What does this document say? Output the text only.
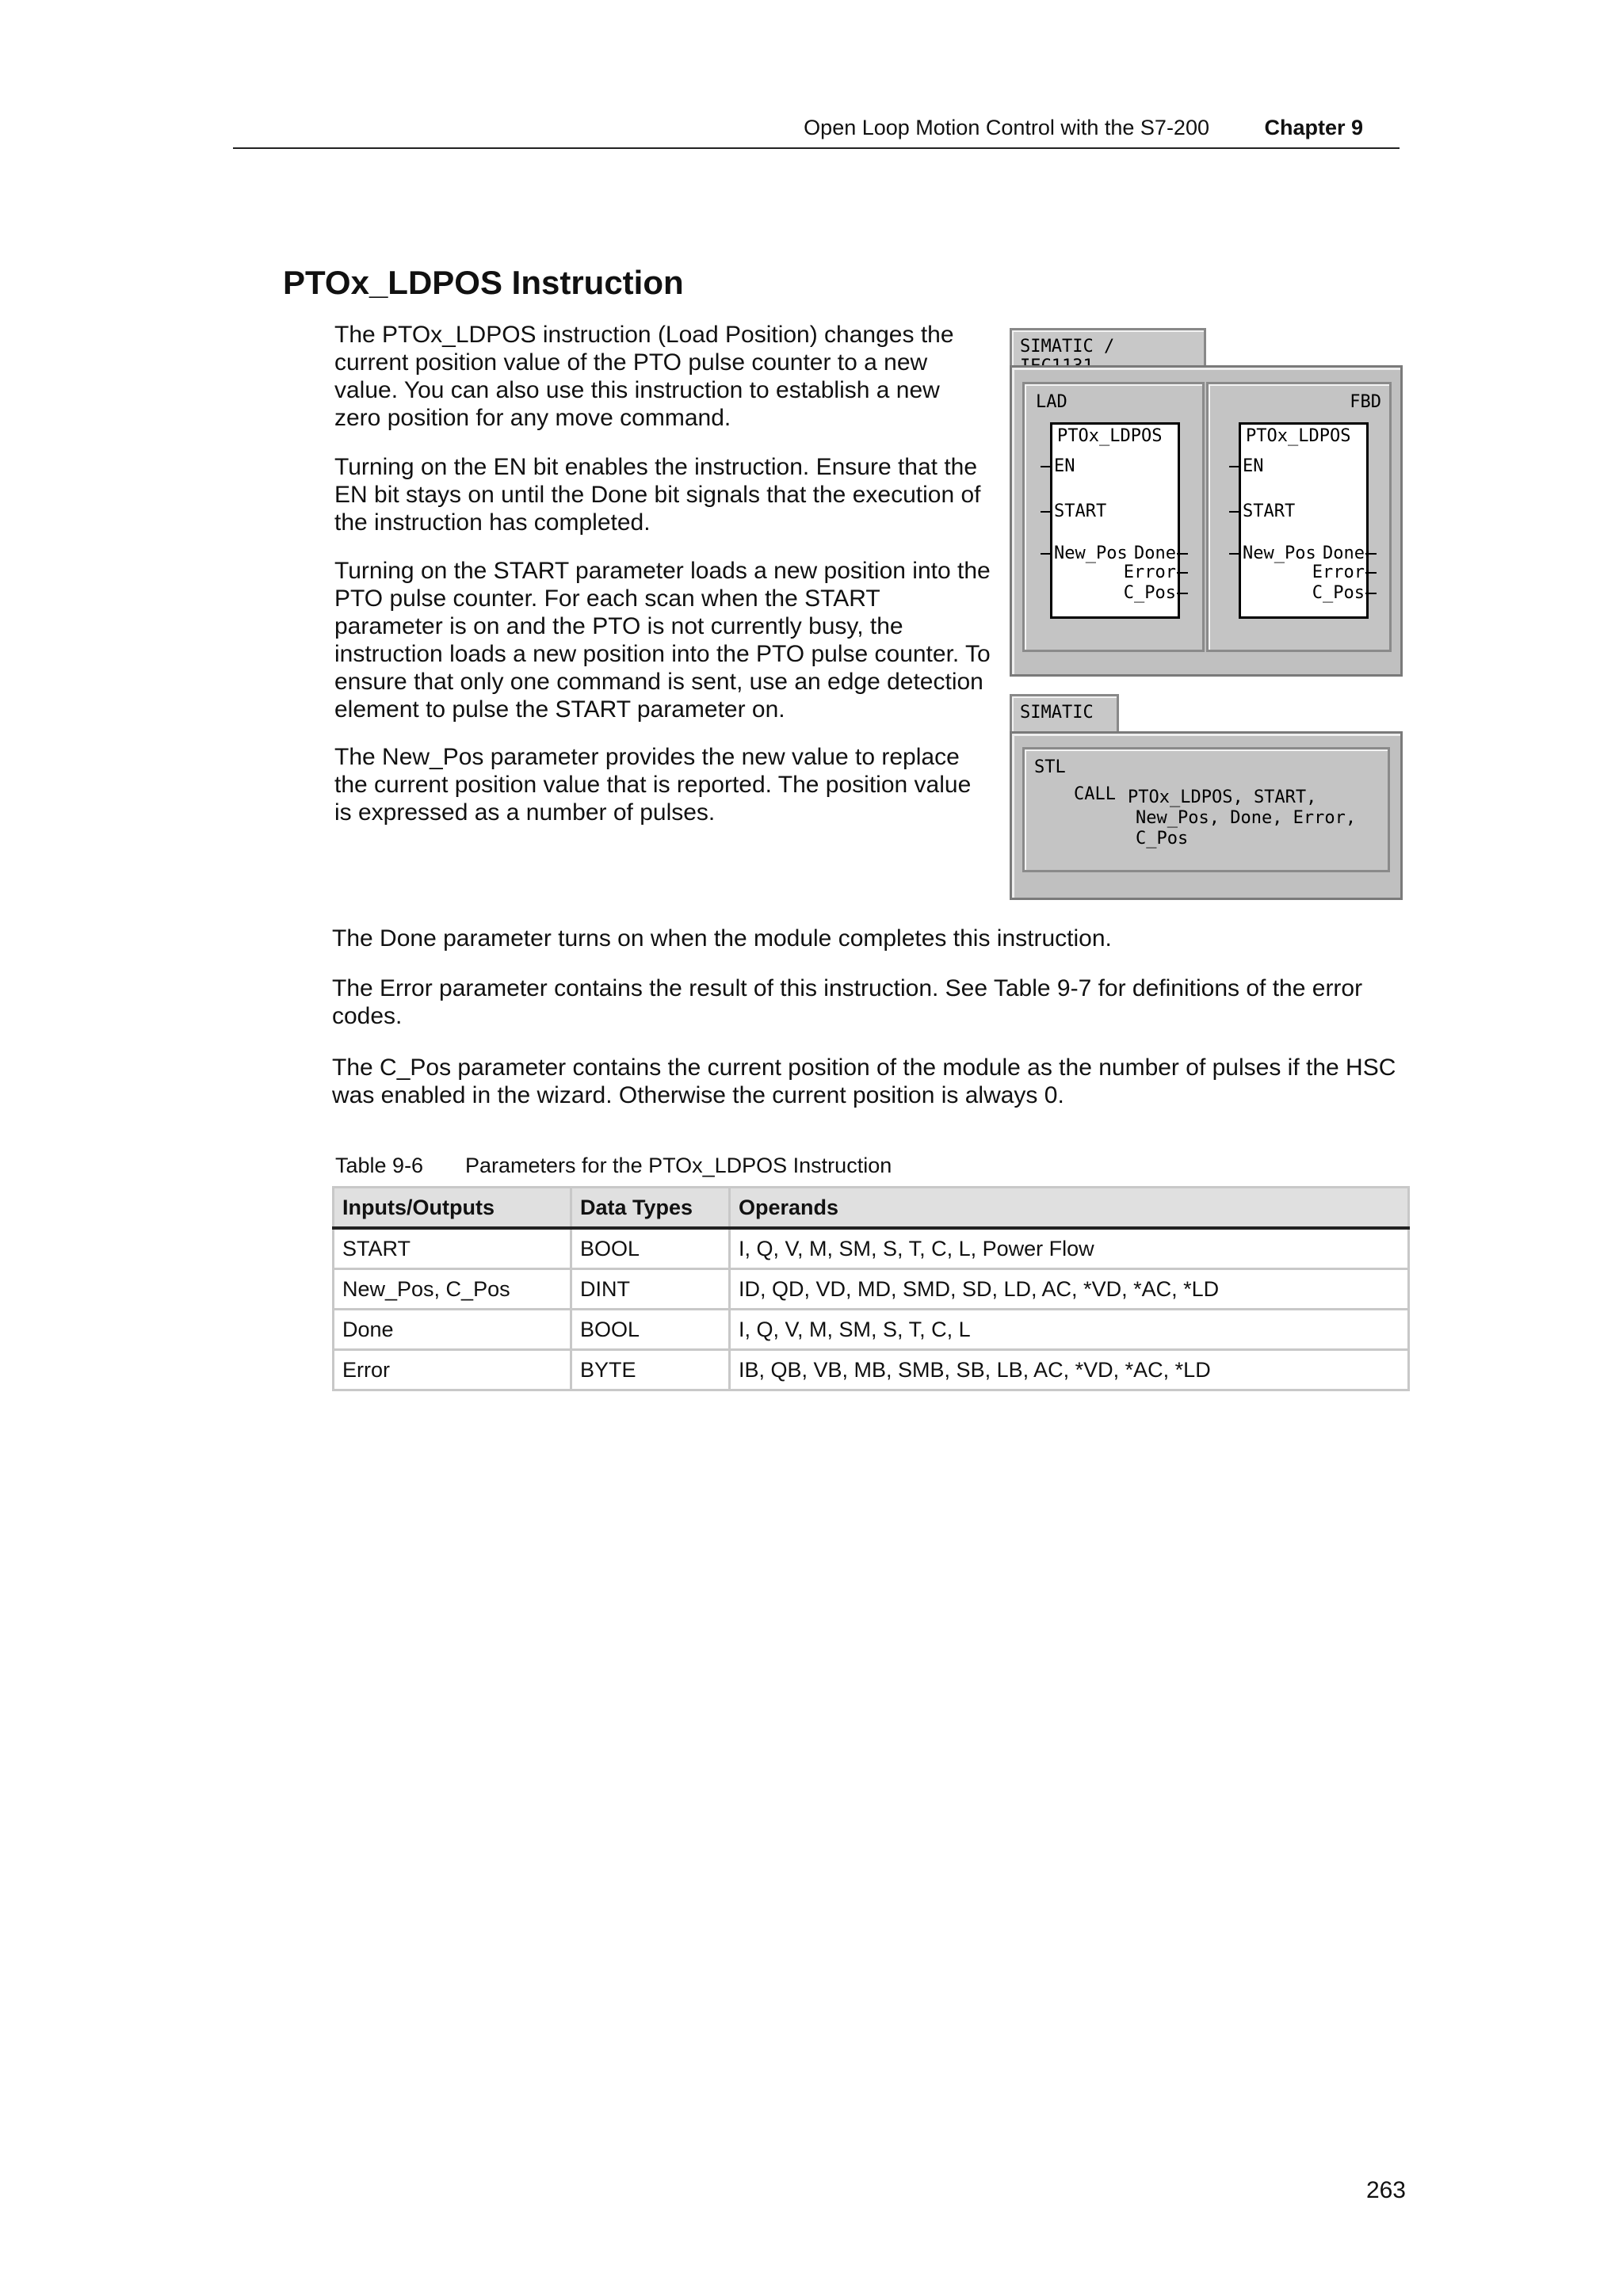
Open Loop Motion Control with the S7-200	Chapter 9
PTOx_LDPOS Instruction

The PTOx_LDPOS instruction (Load Position) changes the current position value of the PTO pulse counter to a new value. You can also use this instruction to establish a new zero position for any move command.

Turning on the EN bit enables the instruction. Ensure that the EN bit stays on until the Done bit signals that the execution of the instruction has completed.

Turning on the START parameter loads a new position into the PTO pulse counter. For each scan when the START parameter is on and the PTO is not currently busy, the instruction loads a new position into the PTO pulse counter. To ensure that only one command is sent, use an edge detection element to pulse the START parameter on.

The New_Pos parameter provides the new value to replace the current position value that is reported. The position value is expressed as a number of pulses.

The Done parameter turns on when the module completes this instruction.

The Error parameter contains the result of this instruction. See Table 9-7 for definitions of the error codes.

The C_Pos parameter contains the current position of the module as the number of pulses if the HSC was enabled in the wizard. Otherwise the current position is always 0.

SIMATIC /
LAD
PTOx_LDPOS
EN
START
New_Pos Done
Error
C_Pos
FBD
PTOx_LDPOS
EN
START
New_Pos Done
Error
C_Pos
SIMATIC
STL
CALL PTOx_LDPOS, START,
New_Pos, Done, Error,
C_Pos

Table 9-6 Parameters for the PTOx_LDPOS Instruction

Inputs/Outputs	Data Types	Operands
START	BOOL	I, Q, V, M, SM, S, T, C, L, Power Flow
New_Pos, C_Pos	DINT	ID, QD, VD, MD, SMD, SD, LD, AC, *VD, *AC, *LD
Done	BOOL	I, Q, V, M, SM, S, T, C, L
Error	BYTE	IB, QB, VB, MB, SMB, SB, LB, AC, *VD, *AC, *LD
263
